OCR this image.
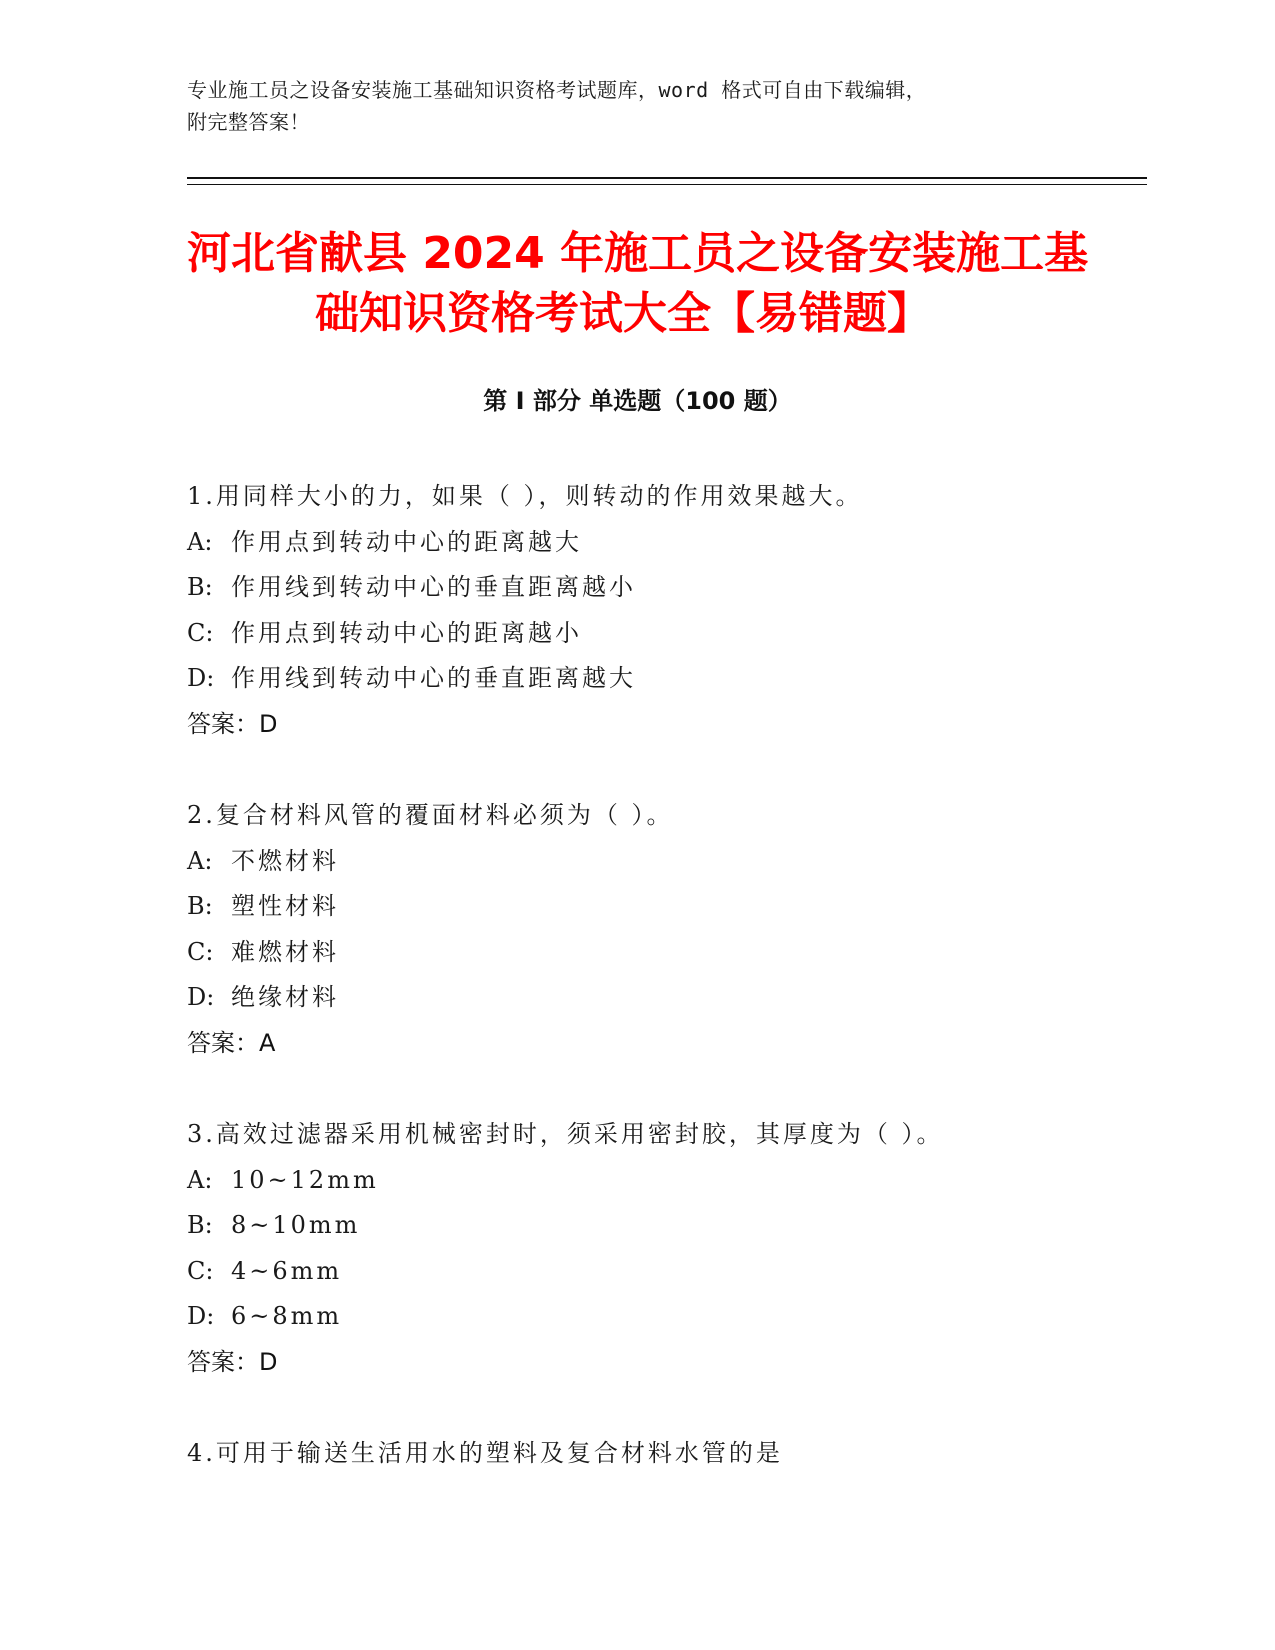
专业施工员之设备安装施工基础知识资格考试题库，word 格式可自由下载编辑，
附完整答案！
河北省献县 2024 年施工员之设备安装施工基
础知识资格考试大全【易错题】
第 I 部分 单选题（100 题）
1.用同样大小的力，如果（ ），则转动的作用效果越大。
A: 作用点到转动中心的距离越大
B: 作用线到转动中心的垂直距离越小
C: 作用点到转动中心的距离越小
D: 作用线到转动中心的垂直距离越大
答案：D
2.复合材料风管的覆面材料必须为（ ）。
A: 不燃材料
B: 塑性材料
C: 难燃材料
D: 绝缘材料
答案：A
3.高效过滤器采用机械密封时，须采用密封胶，其厚度为（ ）。
A: 10~12mm
B: 8~10mm
C: 4~6mm
D: 6~8mm
答案：D
4.可用于输送生活用水的塑料及复合材料水管的是
